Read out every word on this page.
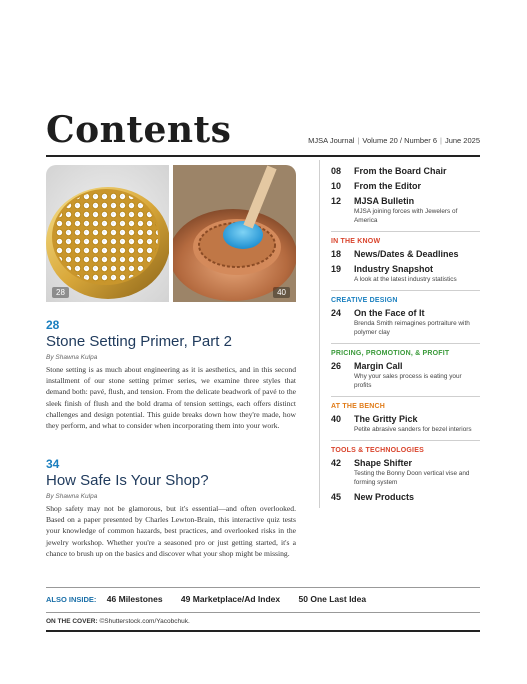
Contents	MJSA Journal | Volume 20 / Number 6 | June 2025
28	40
28
Stone Setting Primer, Part 2
By Shawna Kulpa
Stone setting is as much about engineering as it is aesthetics, and in this second installment of our stone setting primer series, we examine three styles that demand both: pavé, flush, and tension. From the delicate beadwork of pavé to the sleek finish of flush and the bold drama of tension settings, each offers distinct challenges and design potential. This guide breaks down how they're made, how they perform, and what to consider when incorporating them into your work.
34
How Safe Is Your Shop?
By Shawna Kulpa
Shop safety may not be glamorous, but it's essential—and often overlooked. Based on a paper presented by Charles Lewton-Brain, this interactive quiz tests your knowledge of common hazards, best practices, and overlooked risks in the jewelry workshop. Whether you're a seasoned pro or just getting started, it's a chance to brush up on the basics and discover what your shop might be missing.
08	From the Board Chair
10	From the Editor
12	MJSA Bulletin
MJSA joining forces with Jewelers of America
IN THE KNOW
18	News/Dates & Deadlines
19	Industry Snapshot
A look at the latest industry statistics
CREATIVE DESIGN
24	On the Face of It
Brenda Smith reimagines portraiture with polymer clay
PRICING, PROMOTION, & PROFIT
26	Margin Call
Why your sales process is eating your profits
AT THE BENCH
40	The Gritty Pick
Petite abrasive sanders for bezel interiors
TOOLS & TECHNOLOGIES
42	Shape Shifter
Testing the Bonny Doon vertical vise and forming system
45	New Products
ALSO INSIDE: 46 Milestones 49 Marketplace/Ad Index 50 One Last Idea
ON THE COVER: ©Shutterstock.com/Yacobchuk.
